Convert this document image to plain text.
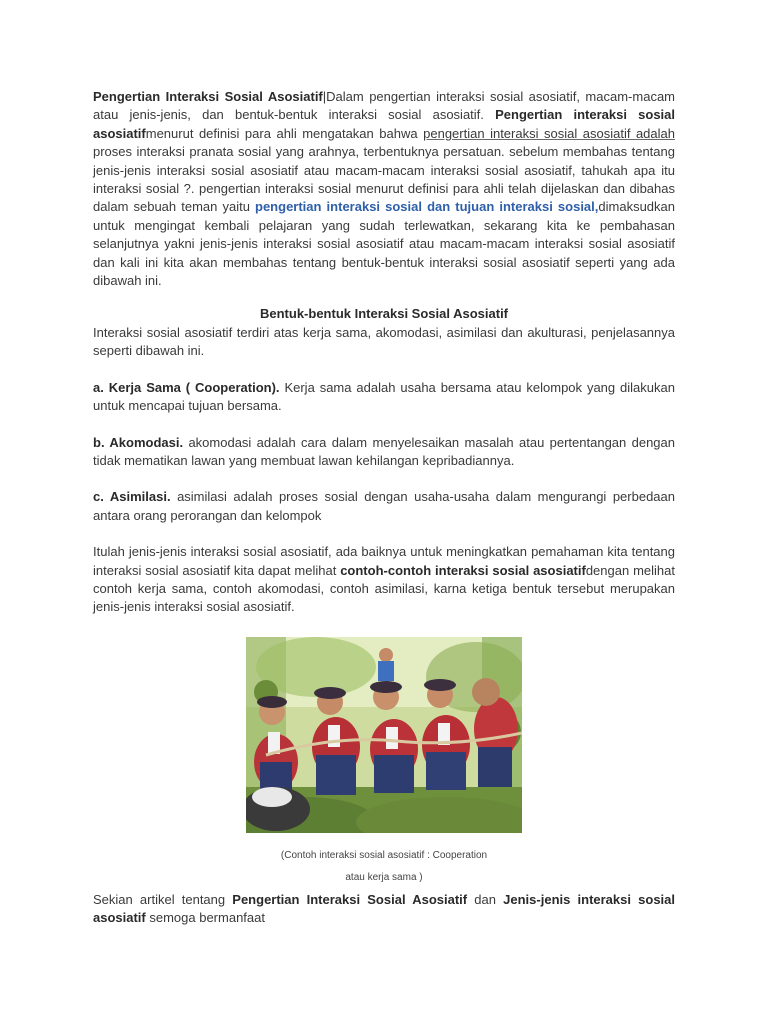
Pengertian Interaksi Sosial Asosiatif|Dalam pengertian interaksi sosial asosiatif, macam-macam atau jenis-jenis, dan bentuk-bentuk interaksi sosial asosiatif. Pengertian interaksi sosial asosiatifmenurut definisi para ahli mengatakan bahwa pengertian interaksi sosial asosiatif adalah proses interaksi pranata sosial yang arahnya, terbentuknya persatuan. sebelum membahas tentang jenis-jenis interaksi sosial asosiatif atau macam-macam interaksi sosial asosiatif, tahukah apa itu interaksi sosial ?. pengertian interaksi sosial menurut definisi para ahli telah dijelaskan dan dibahas dalam sebuah teman yaitu pengertian interaksi sosial dan tujuan interaksi sosial,dimaksudkan untuk mengingat kembali pelajaran yang sudah terlewatkan, sekarang kita ke pembahasan selanjutnya yakni jenis-jenis interaksi sosial asosiatif atau macam-macam interaksi sosial asosiatif dan kali ini kita akan membahas tentang bentuk-bentuk interaksi sosial asosiatif seperti yang ada dibawah ini.

Bentuk-bentuk Interaksi Sosial Asosiatif

Interaksi sosial asosiatif terdiri atas kerja sama, akomodasi, asimilasi dan akulturasi, penjelasannya seperti dibawah ini.

a. Kerja Sama ( Cooperation). Kerja sama adalah usaha bersama atau kelompok yang dilakukan untuk mencapai tujuan bersama.

b. Akomodasi. akomodasi adalah cara dalam menyelesaikan masalah atau pertentangan dengan tidak mematikan lawan yang membuat lawan kehilangan kepribadiannya.

c. Asimilasi. asimilasi adalah proses sosial dengan usaha-usaha dalam mengurangi perbedaan antara orang perorangan dan kelompok

Itulah jenis-jenis interaksi sosial asosiatif, ada baiknya untuk meningkatkan pemahaman kita tentang interaksi sosial asosiatif kita dapat melihat contoh-contoh interaksi sosial asosiatifdengan melihat contoh kerja sama, contoh akomodasi, contoh asimilasi, karna ketiga bentuk tersebut merupakan jenis-jenis interaksi sosial asosiatif.

(Contoh interaksi sosial asosiatif : Cooperation
atau kerja sama )

Sekian artikel tentang Pengertian Interaksi Sosial Asosiatif dan Jenis-jenis interaksi sosial asosiatif semoga bermanfaat
